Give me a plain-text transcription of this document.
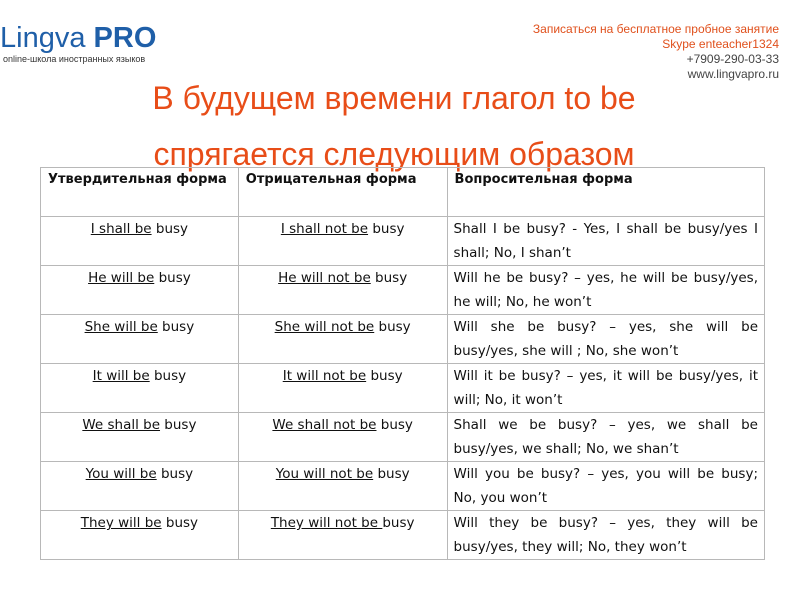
Lingva PRO
online-школа иностранных языков
Записаться на бесплатное пробное занятие
Skype enteacher1324
+7909-290-03-33
www.lingvapro.ru
В будущем времени глагол to be
спрягается следующим образом
Утвердительная форма	Отрицательная форма	Вопросительная форма
I shall be busy	I shall not be busy	Shall I be busy? - Yes, I shall be busy/yes I shall; No, I shan’t
He will be busy	He will not be busy	Will he be busy? – yes, he will be busy/yes, he will; No, he won’t
She will be busy	She will not be busy	Will she be busy? – yes, she will be busy/yes, she will ; No, she won’t
It will be busy	It will not be busy	Will it be busy? – yes, it will be busy/yes, it will; No, it won’t
We shall be busy	We shall not be busy	Shall we be busy? – yes, we shall be busy/yes, we shall; No, we shan’t
You will be busy	You will not be busy	Will you be busy? – yes, you will be busy; No, you won’t
They will be busy	They will not be busy	Will they be busy? – yes, they will be busy/yes, they will; No, they won’t
